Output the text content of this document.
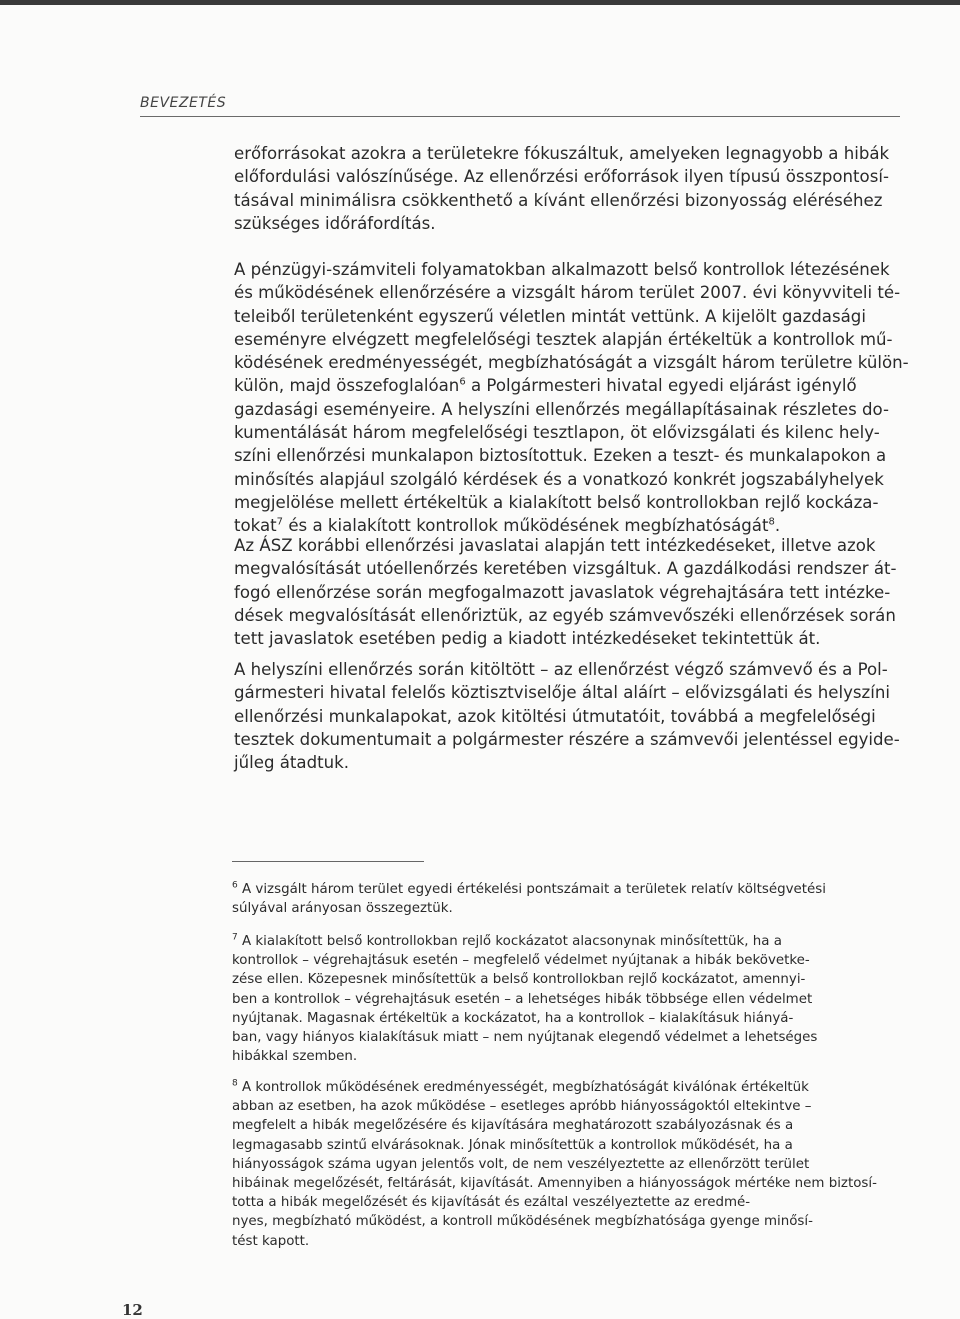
BEVEZETÉS
erőforrásokat azokra a területekre fókuszáltuk, amelyeken legnagyobb a hibák
előfordulási valószínűsége. Az ellenőrzési erőforrások ilyen típusú összpontosí-
tásával minimálisra csökkenthető a kívánt ellenőrzési bizonyosság eléréséhez
szükséges időráfordítás.
A pénzügyi-számviteli folyamatokban alkalmazott belső kontrollok létezésének
és működésének ellenőrzésére a vizsgált három terület 2007. évi könyvviteli té-
teleiből területenként egyszerű véletlen mintát vettünk. A kijelölt gazdasági
eseményre elvégzett megfelelőségi tesztek alapján értékeltük a kontrollok mű-
ködésének eredményességét, megbízhatóságát a vizsgált három területre külön-
külön, majd összefoglalóan$^6$ a Polgármesteri hivatal egyedi eljárást igénylő
gazdasági eseményeire. A helyszíni ellenőrzés megállapításainak részletes do-
kumentálását három megfelelőségi tesztlapon, öt elővizsgálati és kilenc hely-
színi ellenőrzési munkalapon biztosítottuk. Ezeken a teszt- és munkalapokon a
minősítés alapjául szolgáló kérdések és a vonatkozó konkrét jogszabályhelyek
megjelölése mellett értékeltük a kialakított belső kontrollokban rejlő kockáza-
tokat$^7$ és a kialakított kontrollok működésének megbízhatóságát$^8$.
Az ÁSZ korábbi ellenőrzési javaslatai alapján tett intézkedéseket, illetve azok
megvalósítását utóellenőrzés keretében vizsgáltuk. A gazdálkodási rendszer át-
fogó ellenőrzése során megfogalmazott javaslatok végrehajtására tett intézke-
dések megvalósítását ellenőriztük, az egyéb számvevőszéki ellenőrzések során
tett javaslatok esetében pedig a kiadott intézkedéseket tekintettük át.
A helyszíni ellenőrzés során kitöltött – az ellenőrzést végző számvevő és a Pol-
gármesteri hivatal felelős köztisztviselője által aláírt – elővizsgálati és helyszíni
ellenőrzési munkalapokat, azok kitöltési útmutatóit, továbbá a megfelelőségi
tesztek dokumentumait a polgármester részére a számvevői jelentéssel egyide-
jűleg átadtuk.
$^6$ A vizsgált három terület egyedi értékelési pontszámait a területek relatív költségvetési
súlyával arányosan összegeztük.
$^7$ A kialakított belső kontrollokban rejlő kockázatot alacsonynak minősítettük, ha a
kontrollok – végrehajtásuk esetén – megfelelő védelmet nyújtanak a hibák bekövetke-
zése ellen. Közepesnek minősítettük a belső kontrollokban rejlő kockázatot, amennyi-
ben a kontrollok – végrehajtásuk esetén – a lehetséges hibák többsége ellen védelmet
nyújtanak. Magasnak értékeltük a kockázatot, ha a kontrollok – kialakításuk hiányá-
ban, vagy hiányos kialakításuk miatt – nem nyújtanak elegendő védelmet a lehetséges
hibákkal szemben.
$^8$ A kontrollok működésének eredményességét, megbízhatóságát kiválónak értékeltük
abban az esetben, ha azok működése – esetleges apróbb hiányosságoktól eltekintve –
megfelelt a hibák megelőzésére és kijavítására meghatározott szabályozásnak és a
legmagasabb szintű elvárásoknak. Jónak minősítettük a kontrollok működését, ha a
hiányosságok száma ugyan jelentős volt, de nem veszélyeztette az ellenőrzött terület
hibáinak megelőzését, feltárását, kijavítását. Amennyiben a hiányosságok mértéke nem biztosí-
totta a hibák megelőzését és kijavítását és ezáltal veszélyeztette az eredmé-
nyes, megbízható működést, a kontroll működésének megbízhatósága gyenge minősí-
tést kapott.
12
